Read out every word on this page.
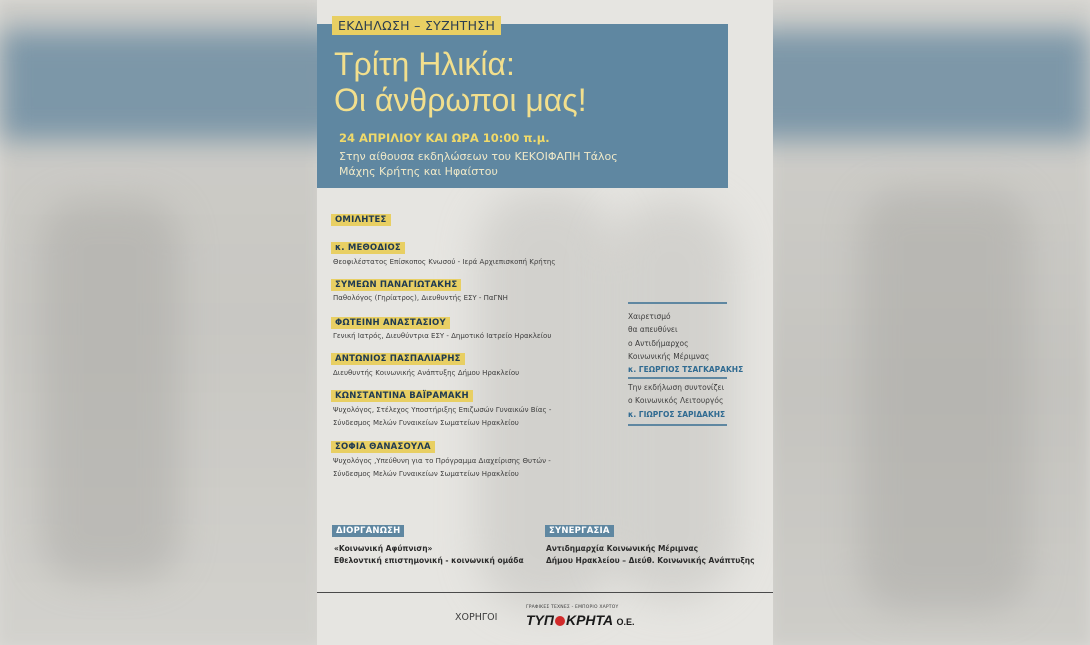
ΕΚΔΗΛΩΣΗ – ΣΥΖΗΤΗΣΗ
Τρίτη Ηλικία:
Οι άνθρωποι μας!
24 ΑΠΡΙΛΙΟΥ ΚΑΙ ΩΡΑ 10:00 π.μ.
Στην αίθουσα εκδηλώσεων του ΚΕΚΟΙΦΑΠΗ Τάλος
Μάχης Κρήτης και Ηφαίστου
ΟΜΙΛΗΤΕΣ
κ. ΜΕΘΟΔΙΟΣ
Θεοφιλέστατος Επίσκοπος Κνωσού - Ιερά Αρχιεπισκοπή Κρήτης
ΣΥΜΕΩΝ ΠΑΝΑΓΙΩΤΑΚΗΣ
Παθολόγος (Γηρίατρος), Διευθυντής ΕΣΥ - ΠαΓΝΗ
ΦΩΤΕΙΝΗ ΑΝΑΣΤΑΣΙΟΥ
Γενική Ιατρός, Διευθύντρια ΕΣΥ - Δημοτικό Ιατρείο Ηρακλείου
ΑΝΤΩΝΙΟΣ ΠΑΣΠΑΛΙΑΡΗΣ
Διευθυντής Κοινωνικής Ανάπτυξης Δήμου Ηρακλείου
ΚΩΝΣΤΑΝΤΙΝΑ ΒΑΪΡΑΜΑΚΗ
Ψυχολόγος, Στέλεχος Υποστήριξης Επιζωσών Γυναικών Βίας -
Σύνδεσμος Μελών Γυναικείων Σωματείων Ηρακλείου
ΣΟΦΙΑ ΘΑΝΑΣΟΥΛΑ
Ψυχολόγος ,Υπεύθυνη για το Πρόγραμμα Διαχείρισης Θυτών -
Σύνδεσμος Μελών Γυναικείων Σωματείων Ηρακλείου
Χαιρετισμό
θα απευθύνει
ο Αντιδήμαρχος
Κοινωνικής Μέριμνας
κ. ΓΕΩΡΓΙΟΣ ΤΣΑΓΚΑΡΑΚΗΣ
Την εκδήλωση συντονίζει
ο Κοινωνικός Λειτουργός
κ. ΓΙΩΡΓΟΣ ΣΑΡΙΔΑΚΗΣ
ΔΙΟΡΓΑΝΩΣΗ
«Κοινωνική Αφύπνιση»
Εθελοντική επιστημονική - κοινωνική ομάδα
ΣΥΝΕΡΓΑΣΙΑ
Αντιδημαρχία Κοινωνικής Μέριμνας
Δήμου Ηρακλείου – Διεύθ. Κοινωνικής Ανάπτυξης
ΧΟΡΗΓΟΙ
ΓΡΑΦΙΚΕΣ ΤΕΧΝΕΣ - ΕΜΠΟΡΙΟ ΧΑΡΤΟΥ
ΤΥΠ ΚΡΗΤΑ Ο.Ε.
